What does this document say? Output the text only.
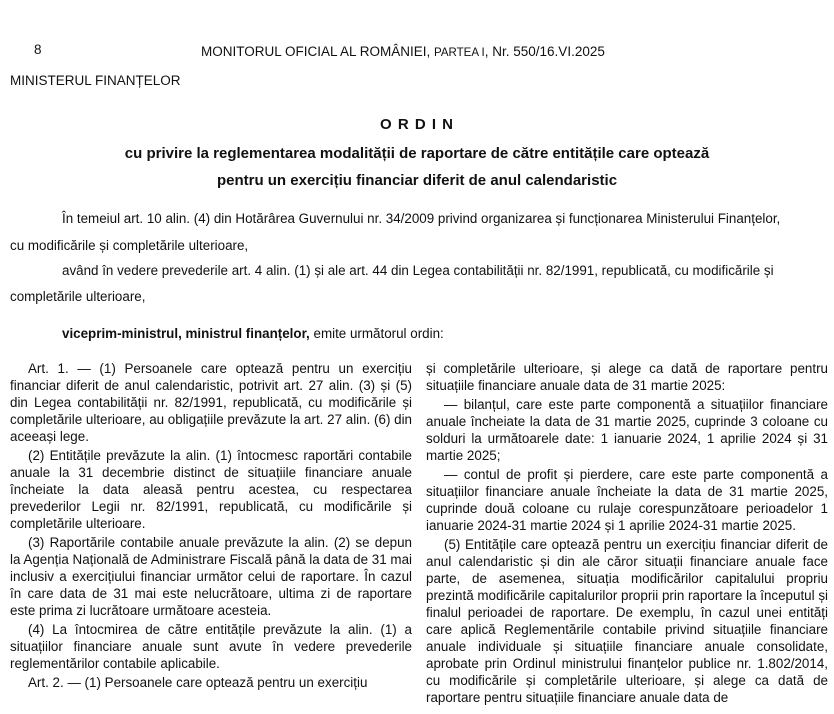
8	MONITORUL OFICIAL AL ROMÂNIEI, PARTEA I, Nr. 550/16.VI.2025
MINISTERUL FINANȚELOR
O R D I N
cu privire la reglementarea modalității de raportare de către entitățile care optează
pentru un exercițiu financiar diferit de anul calendaristic
În temeiul art. 10 alin. (4) din Hotărârea Guvernului nr. 34/2009 privind organizarea și funcționarea Ministerului Finanțelor,
cu modificările și completările ulterioare,
având în vedere prevederile art. 4 alin. (1) și ale art. 44 din Legea contabilității nr. 82/1991, republicată, cu modificările și
completările ulterioare,
viceprim-ministrul, ministrul finanțelor, emite următorul ordin:

Art. 1. — (1) Persoanele care optează pentru un exercițiu financiar diferit de anul calendaristic, potrivit art. 27 alin. (3) și (5) din Legea contabilității nr. 82/1991, republicată, cu modificările și completările ulterioare, au obligațiile prevăzute la art. 27 alin. (6) din aceeași lege.

(2) Entitățile prevăzute la alin. (1) întocmesc raportări contabile anuale la 31 decembrie distinct de situațiile financiare anuale încheiate la data aleasă pentru acestea, cu respectarea prevederilor Legii nr. 82/1991, republicată, cu modificările și completările ulterioare.

(3) Raportările contabile anuale prevăzute la alin. (2) se depun la Agenția Națională de Administrare Fiscală până la data de 31 mai inclusiv a exercițiului financiar următor celui de raportare. În cazul în care data de 31 mai este nelucrătoare, ultima zi de raportare este prima zi lucrătoare următoare acesteia.

(4) La întocmirea de către entitățile prevăzute la alin. (1) a situațiilor financiare anuale sunt avute în vedere prevederile reglementărilor contabile aplicabile.

Art. 2. — (1) Persoanele care optează pentru un exercițiu

și completările ulterioare, și alege ca dată de raportare pentru situațiile financiare anuale data de 31 martie 2025:

— bilanțul, care este parte componentă a situațiilor financiare anuale încheiate la data de 31 martie 2025, cuprinde 3 coloane cu solduri la următoarele date: 1 ianuarie 2024, 1 aprilie 2024 și 31 martie 2025;

— contul de profit și pierdere, care este parte componentă a situațiilor financiare anuale încheiate la data de 31 martie 2025, cuprinde două coloane cu rulaje corespunzătoare perioadelor 1 ianuarie 2024-31 martie 2024 și 1 aprilie 2024-31 martie 2025.

(5) Entitățile care optează pentru un exercițiu financiar diferit de anul calendaristic și din ale căror situații financiare anuale face parte, de asemenea, situația modificărilor capitalului propriu prezintă modificările capitalurilor proprii prin raportare la începutul și finalul perioadei de raportare. De exemplu, în cazul unei entități care aplică Reglementările contabile privind situațiile financiare anuale individuale și situațiile financiare anuale consolidate, aprobate prin Ordinul ministrului finanțelor publice nr. 1.802/2014, cu modificările și completările ulterioare, și alege ca dată de raportare pentru situațiile financiare anuale data de
